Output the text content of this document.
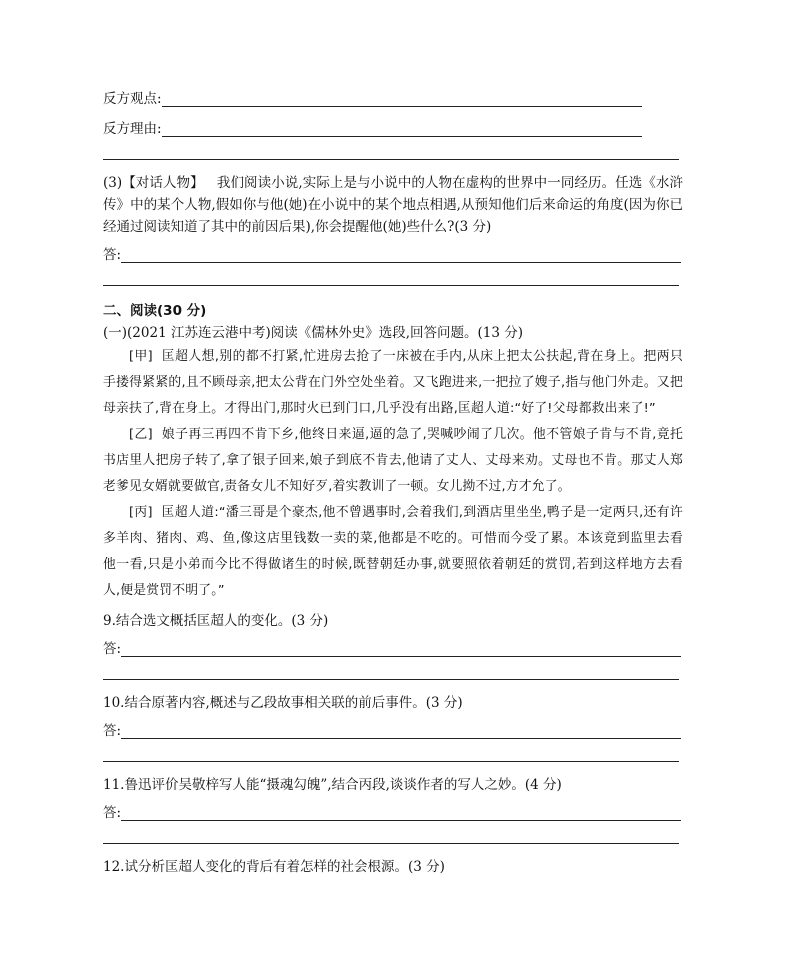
反方观点:
反方理由:
(3)【对话人物】 我们阅读小说,实际上是与小说中的人物在虚构的世界中一同经历。任选《水浒传》中的某个人物,假如你与他(她)在小说中的某个地点相遇,从预知他们后来命运的角度(因为你已经通过阅读知道了其中的前因后果),你会提醒他(她)些什么?(3 分)
答:
二、阅读(30 分)
(一)(2021 江苏连云港中考)阅读《儒林外史》选段,回答问题。(13 分)
[甲] 匡超人想,别的都不打紧,忙进房去抢了一床被在手内,从床上把太公扶起,背在身上。把两只手搂得紧紧的,且不顾母亲,把太公背在门外空处坐着。又飞跑进来,一把拉了嫂子,指与他门外走。又把母亲扶了,背在身上。才得出门,那时火已到门口,几乎没有出路,匡超人道:“好了!父母都救出来了!”
[乙] 娘子再三再四不肯下乡,他终日来逼,逼的急了,哭喊吵闹了几次。他不管娘子肯与不肯,竟托书店里人把房子转了,拿了银子回来,娘子到底不肯去,他请了丈人、丈母来劝。丈母也不肯。那丈人郑老爹见女婿就要做官,责备女儿不知好歹,着实教训了一顿。女儿拗不过,方才允了。
[丙] 匡超人道:“潘三哥是个豪杰,他不曾遇事时,会着我们,到酒店里坐坐,鸭子是一定两只,还有许多羊肉、猪肉、鸡、鱼,像这店里钱数一卖的菜,他都是不吃的。可惜而今受了累。本该竟到监里去看他一看,只是小弟而今比不得做诸生的时候,既替朝廷办事,就要照依着朝廷的赏罚,若到这样地方去看人,便是赏罚不明了。”
9.结合选文概括匡超人的变化。(3 分)
答:
10.结合原著内容,概述与乙段故事相关联的前后事件。(3 分)
答:
11.鲁迅评价吴敬梓写人能“摄魂勾魄”,结合丙段,谈谈作者的写人之妙。(4 分)
答:
12.试分析匡超人变化的背后有着怎样的社会根源。(3 分)
